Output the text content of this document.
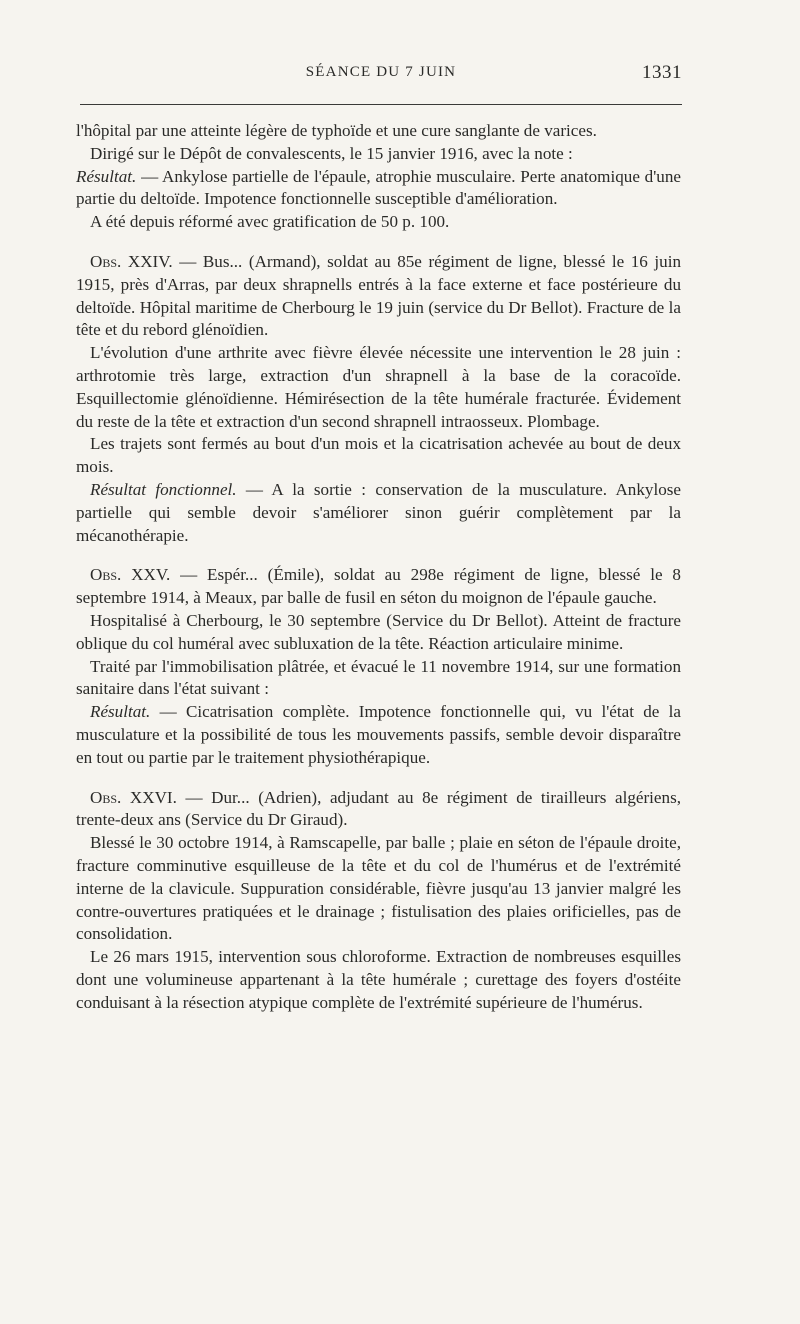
SÉANCE DU 7 JUIN	1331

l'hôpital par une atteinte légère de typhoïde et une cure sanglante de varices.

Dirigé sur le Dépôt de convalescents, le 15 janvier 1916, avec la note :

Résultat. — Ankylose partielle de l'épaule, atrophie musculaire. Perte anatomique d'une partie du deltoïde. Impotence fonctionnelle susceptible d'amélioration.

A été depuis réformé avec gratification de 50 p. 100.

Obs. XXIV. — Bus... (Armand), soldat au 85e régiment de ligne, blessé le 16 juin 1915, près d'Arras, par deux shrapnells entrés à la face externe et face postérieure du deltoïde. Hôpital maritime de Cherbourg le 19 juin (service du Dr Bellot). Fracture de la tête et du rebord glénoïdien.

L'évolution d'une arthrite avec fièvre élevée nécessite une intervention le 28 juin : arthrotomie très large, extraction d'un shrapnell à la base de la coracoïde. Esquillectomie glénoïdienne. Hémirésection de la tête humérale fracturée. Évidement du reste de la tête et extraction d'un second shrapnell intraosseux. Plombage.

Les trajets sont fermés au bout d'un mois et la cicatrisation achevée au bout de deux mois.

Résultat fonctionnel. — A la sortie : conservation de la musculature. Ankylose partielle qui semble devoir s'améliorer sinon guérir complètement par la mécanothérapie.

Obs. XXV. — Espér... (Émile), soldat au 298e régiment de ligne, blessé le 8 septembre 1914, à Meaux, par balle de fusil en séton du moignon de l'épaule gauche.

Hospitalisé à Cherbourg, le 30 septembre (Service du Dr Bellot). Atteint de fracture oblique du col huméral avec subluxation de la tête. Réaction articulaire minime.

Traité par l'immobilisation plâtrée, et évacué le 11 novembre 1914, sur une formation sanitaire dans l'état suivant :

Résultat. — Cicatrisation complète. Impotence fonctionnelle qui, vu l'état de la musculature et la possibilité de tous les mouvements passifs, semble devoir disparaître en tout ou partie par le traitement physiothérapique.

Obs. XXVI. — Dur... (Adrien), adjudant au 8e régiment de tirailleurs algériens, trente-deux ans (Service du Dr Giraud).

Blessé le 30 octobre 1914, à Ramscapelle, par balle ; plaie en séton de l'épaule droite, fracture comminutive esquilleuse de la tête et du col de l'humérus et de l'extrémité interne de la clavicule. Suppuration considérable, fièvre jusqu'au 13 janvier malgré les contre-ouvertures pratiquées et le drainage ; fistulisation des plaies orificielles, pas de consolidation.

Le 26 mars 1915, intervention sous chloroforme. Extraction de nombreuses esquilles dont une volumineuse appartenant à la tête humérale ; curettage des foyers d'ostéite conduisant à la résection atypique complète de l'extrémité supérieure de l'humérus.
